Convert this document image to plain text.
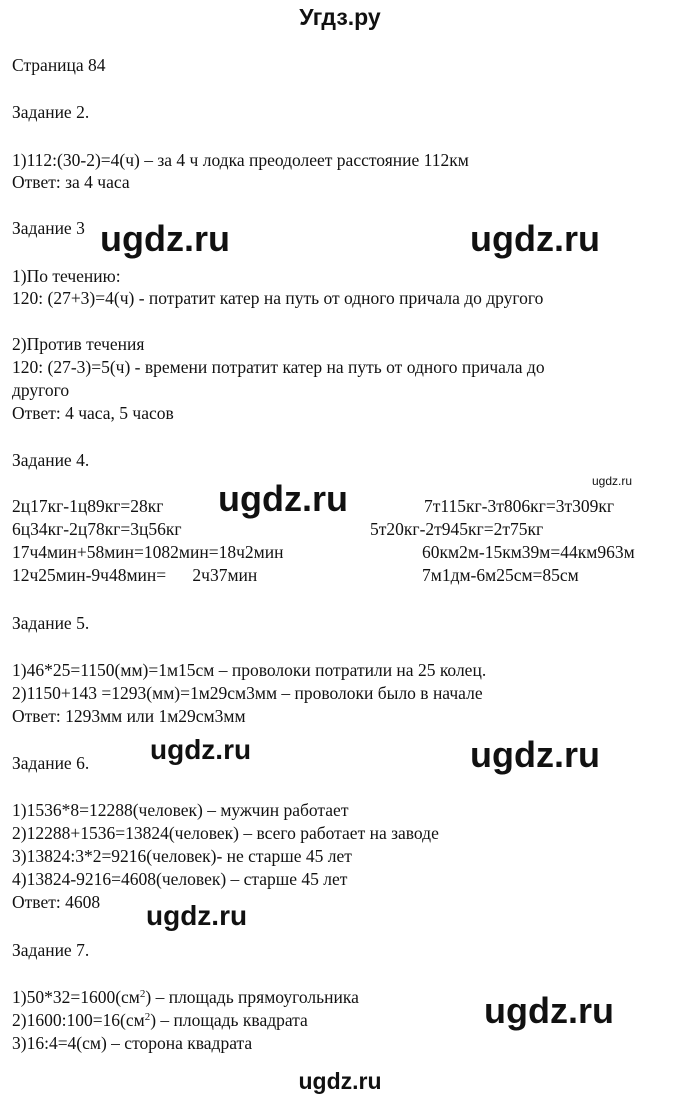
Угдз.ру
Страница 84
Задание 2.
1)112:(30-2)=4(ч) – за 4 ч лодка преодолеет расстояние 112км
Ответ: за 4 часа
Задание 3
1)По течению:
120: (27+3)=4(ч) - потратит катер на путь от одного причала до другого
2)Против течения
120: (27-3)=5(ч) - времени потратит катер на путь от одного причала до
другого
Ответ: 4 часа, 5 часов
Задание 4.
2ц17кг-1ц89кг=28кг
6ц34кг-2ц78кг=3ц56кг
17ч4мин+58мин=1082мин=18ч2мин
12ч25мин-9ч48мин=      2ч37мин
7т115кг-3т806кг=3т309кг
5т20кг-2т945кг=2т75кг
60км2м-15км39м=44км963м
7м1дм-6м25см=85см
Задание 5.
1)46*25=1150(мм)=1м15см – проволоки потратили на 25 колец.
2)1150+143 =1293(мм)=1м29см3мм – проволоки было в начале
Ответ: 1293мм или 1м29см3мм
Задание 6.
1)1536*8=12288(человек) – мужчин работает
2)12288+1536=13824(человек) – всего работает на заводе
3)13824:3*2=9216(человек)- не старше 45 лет
4)13824-9216=4608(человек) – старше 45 лет
Ответ: 4608
Задание 7.
$1)50*32=1600(см^2)$ – площадь прямоугольника
$2)1600:100=16(см^2)$ – площадь квадрата
3)16:4=4(см) – сторона квадрата
ugdz.ru	ugdz.ru
ugdz.ru
ugdz.ru
ugdz.ru	ugdz.ru
ugdz.ru
ugdz.ru
ugdz.ru
